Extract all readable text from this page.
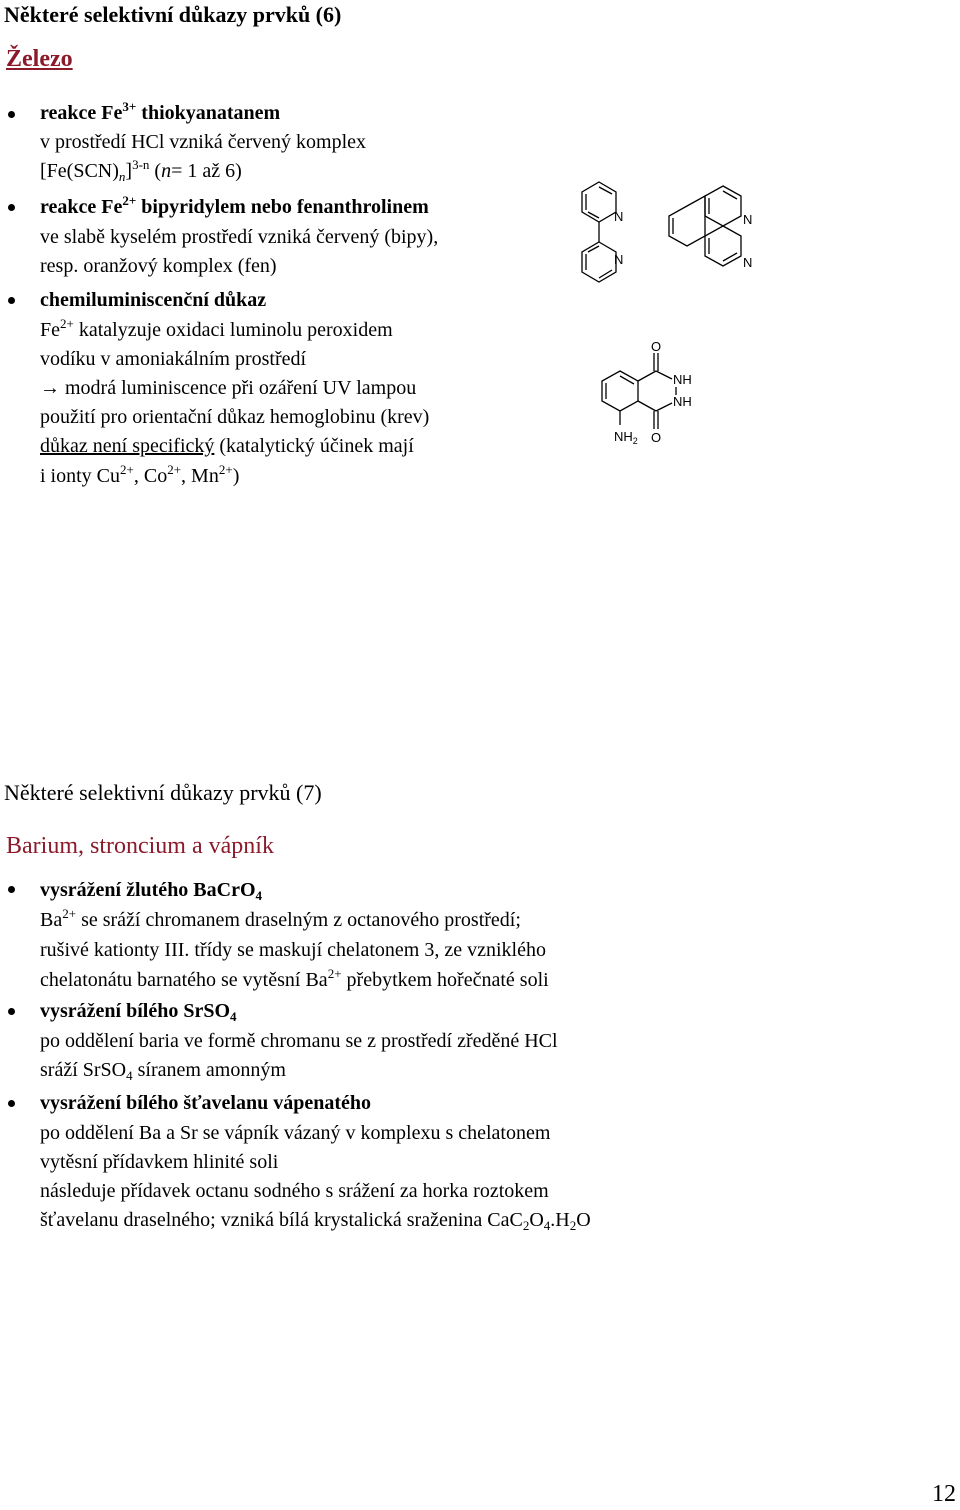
Některé selektivní důkazy prvků (6)
Železo
reakce $Fe^{3+}$ thiokyanatanem
v prostředí HCl vzniká červený komplex
$[Fe(SCN)_n]^{3-n}$ (n= 1 až 6)
reakce $Fe^{2+}$ bipyridylem nebo fenanthrolinem
ve slabě kyselém prostředí vzniká červený (bipy),
resp. oranžový komplex (fen)
chemiluminiscenční důkaz
$Fe^{2+}$ katalyzuje oxidaci luminolu peroxidem
vodíku v amoniakálním prostředí
→ modrá luminiscence při ozáření UV lampou
použití pro orientační důkaz hemoglobinu (krev)
důkaz není specifický (katalytický účinek mají
i ionty $Cu^{2+}$, $Co^{2+}$, $Mn^{2+}$)
N
N
N
N
O
NH
NH
O
$NH_2$
Některé selektivní důkazy prvků (7)
Barium, stroncium a vápník
vysrážení žlutého BaCrO$_4$
$Ba^{2+}$ se sráží chromanem draselným z octanového prostředí;
rušivé kationty III. třídy se maskují chelatonem 3, ze vzniklého
chelatonátu barnatého se vytěsní $Ba^{2+}$ přebytkem hořečnaté soli
vysrážení bílého SrSO$_4$
po oddělení baria ve formě chromanu se z prostředí zředěné HCl
sráží SrSO$_4$ síranem amonným
vysrážení bílého šťavelanu vápenatého
po oddělení Ba a Sr se vápník vázaný v komplexu s chelatonem
vytěsní přídavkem hlinité soli
následuje přídavek octanu sodného s srážení za horka roztokem
šťavelanu draselného; vzniká bílá krystalická sraženina $CaC_2O_4.H_2O$
12
